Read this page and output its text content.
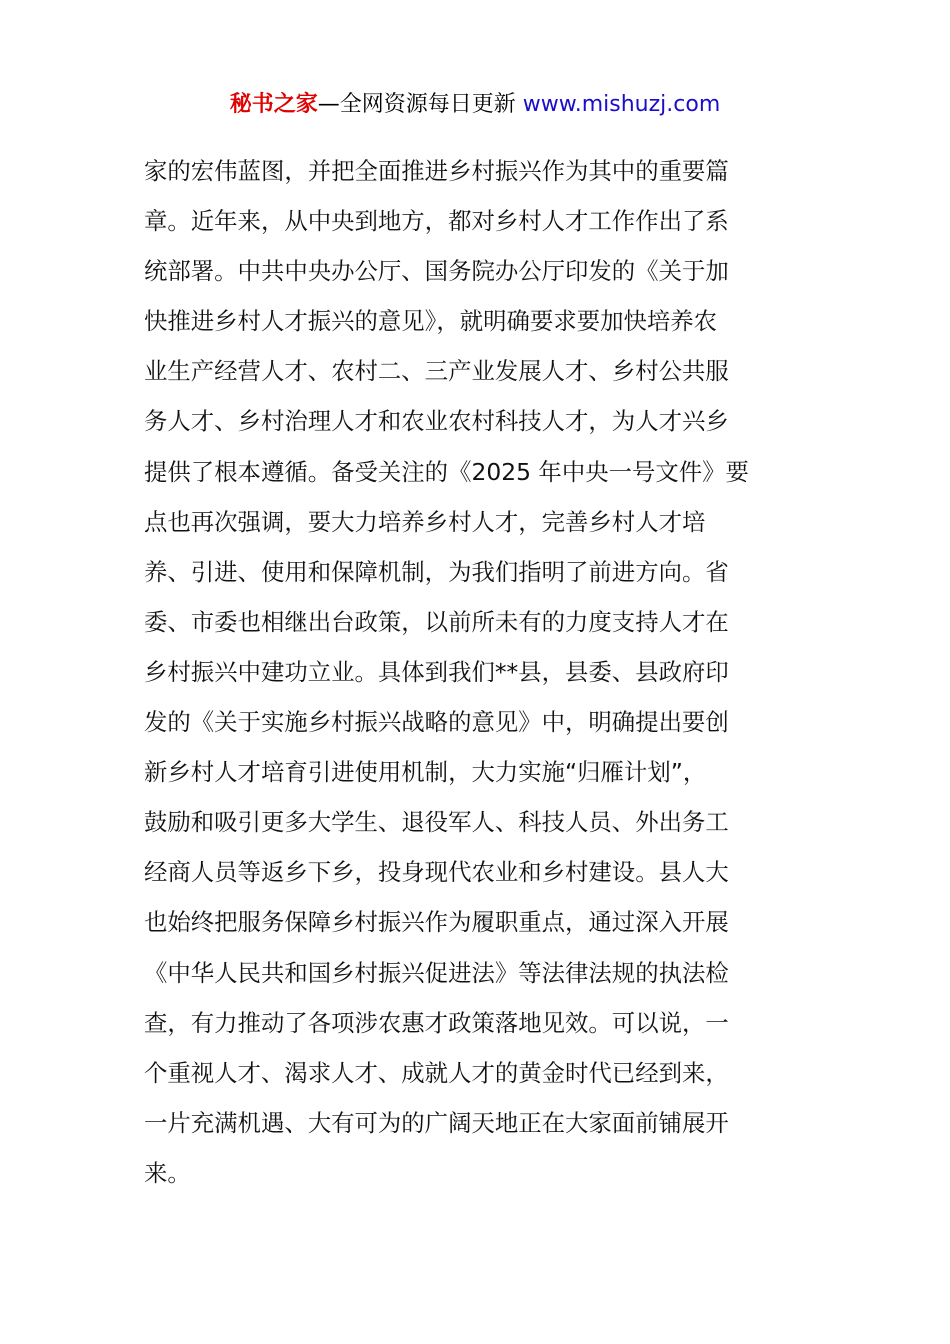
秘书之家—全网资源每日更新 www.mishuzj.com
家的宏伟蓝图，并把全面推进乡村振兴作为其中的重要篇
章。近年来，从中央到地方，都对乡村人才工作作出了系
统部署。中共中央办公厅、国务院办公厅印发的《关于加
快推进乡村人才振兴的意见》，就明确要求要加快培养农
业生产经营人才、农村二、三产业发展人才、乡村公共服
务人才、乡村治理人才和农业农村科技人才，为人才兴乡
提供了根本遵循。备受关注的《2025 年中央一号文件》要
点也再次强调，要大力培养乡村人才，完善乡村人才培
养、引进、使用和保障机制，为我们指明了前进方向。省
委、市委也相继出台政策，以前所未有的力度支持人才在
乡村振兴中建功立业。具体到我们**县，县委、县政府印
发的《关于实施乡村振兴战略的意见》中，明确提出要创
新乡村人才培育引进使用机制，大力实施“归雁计划”，
鼓励和吸引更多大学生、退役军人、科技人员、外出务工
经商人员等返乡下乡，投身现代农业和乡村建设。县人大
也始终把服务保障乡村振兴作为履职重点，通过深入开展
《中华人民共和国乡村振兴促进法》等法律法规的执法检
查，有力推动了各项涉农惠才政策落地见效。可以说，一
个重视人才、渴求人才、成就人才的黄金时代已经到来，
一片充满机遇、大有可为的广阔天地正在大家面前铺展开
来。
